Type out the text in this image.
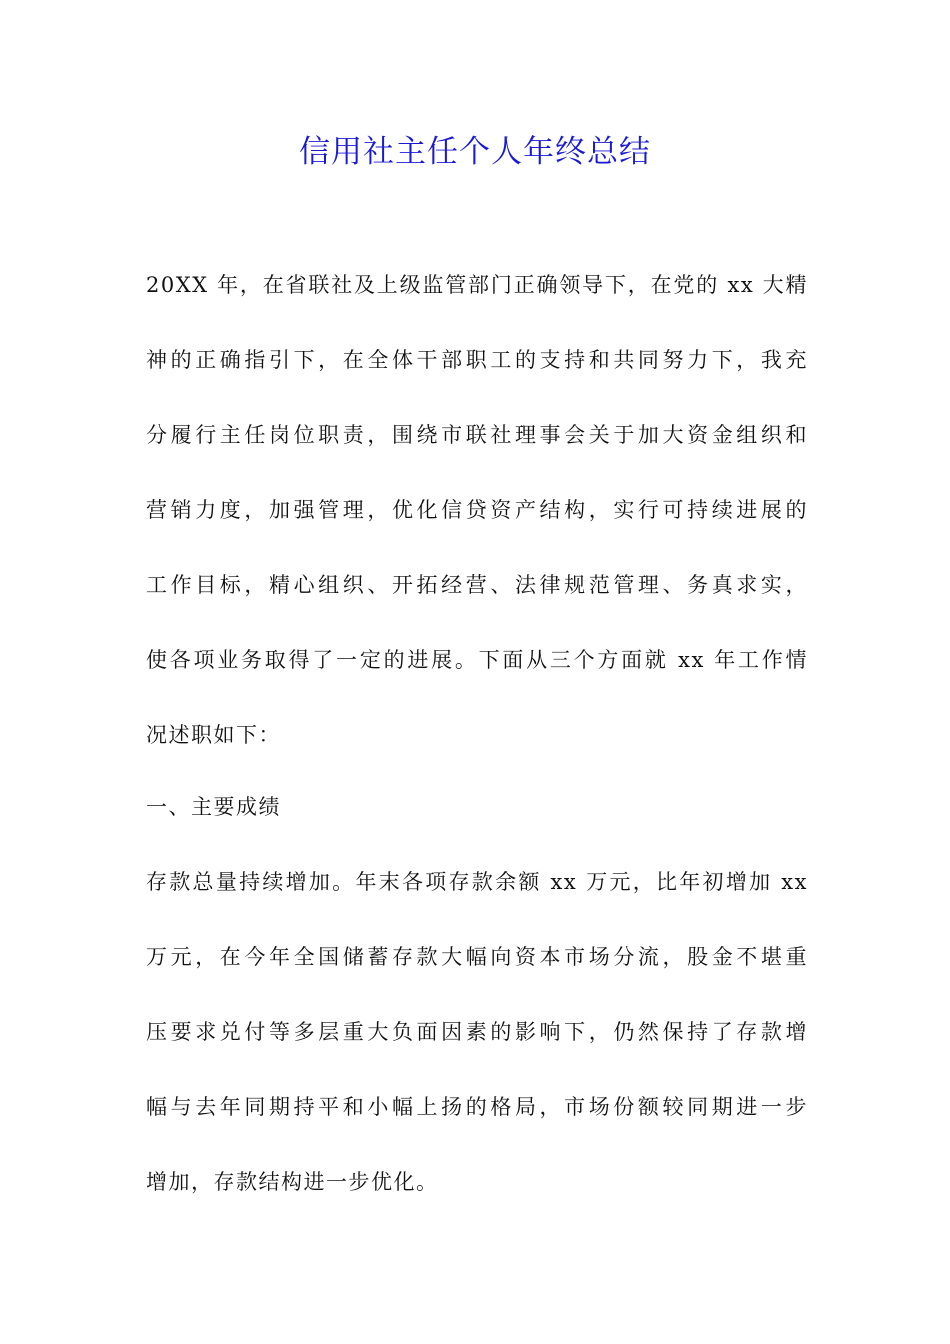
信用社主任个人年终总结
20XX 年，在省联社及上级监管部门正确领导下，在党的 xx 大精
神的正确指引下，在全体干部职工的支持和共同努力下，我充
分履行主任岗位职责，围绕市联社理事会关于加大资金组织和
营销力度，加强管理，优化信贷资产结构，实行可持续进展的
工作目标，精心组织、开拓经营、法律规范管理、务真求实，
使各项业务取得了一定的进展。下面从三个方面就 xx 年工作情
况述职如下：
一、主要成绩
存款总量持续增加。年末各项存款余额 xx 万元，比年初增加 xx
万元，在今年全国储蓄存款大幅向资本市场分流，股金不堪重
压要求兑付等多层重大负面因素的影响下，仍然保持了存款增
幅与去年同期持平和小幅上扬的格局，市场份额较同期进一步
增加，存款结构进一步优化。
